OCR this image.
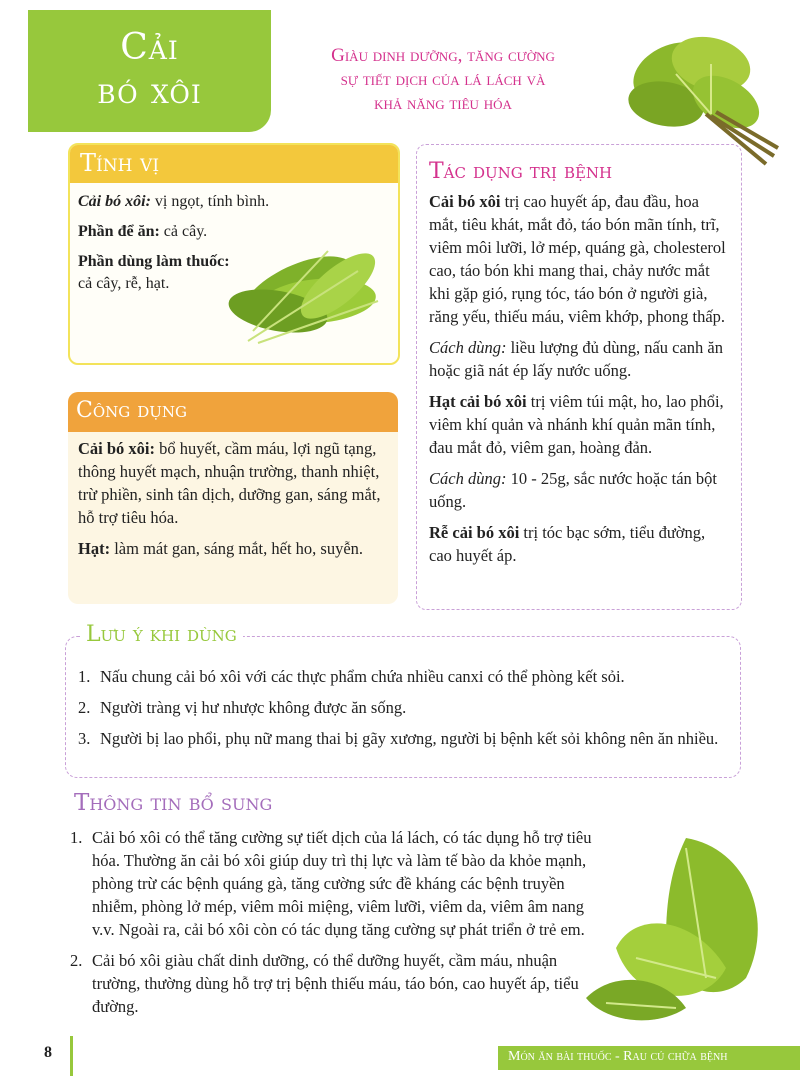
Cải
bó xôi
Giàu dinh dưỡng, tăng cường
sự tiết dịch của lá lách và
khả năng tiêu hóa
Tính vị

Cải bó xôi: vị ngọt, tính bình.

Phần để ăn: cả cây.

Phần dùng làm thuốc: cả cây, rễ, hạt.

Công dụng

Cải bó xôi: bổ huyết, cầm máu, lợi ngũ tạng, thông huyết mạch, nhuận trường, thanh nhiệt, trừ phiền, sinh tân dịch, dưỡng gan, sáng mắt, hỗ trợ tiêu hóa.

Hạt: làm mát gan, sáng mắt, hết ho, suyễn.

Tác dụng trị bệnh

Cải bó xôi trị cao huyết áp, đau đầu, hoa mắt, tiêu khát, mắt đỏ, táo bón mãn tính, trĩ, viêm môi lưỡi, lở mép, quáng gà, cholesterol cao, táo bón khi mang thai, chảy nước mắt khi gặp gió, rụng tóc, táo bón ở người già, răng yếu, thiếu máu, viêm khớp, phong thấp.

Cách dùng: liều lượng đủ dùng, nấu canh ăn hoặc giã nát ép lấy nước uống.

Hạt cải bó xôi trị viêm túi mật, ho, lao phổi, viêm khí quản và nhánh khí quản mãn tính, đau mắt đỏ, viêm gan, hoàng đản.

Cách dùng: 10 - 25g, sắc nước hoặc tán bột uống.

Rễ cải bó xôi trị tóc bạc sớm, tiểu đường, cao huyết áp.

1. Nấu chung cải bó xôi với các thực phẩm chứa nhiều canxi có thể phòng kết sỏi.
2. Người tràng vị hư nhược không được ăn sống.
3. Người bị lao phổi, phụ nữ mang thai bị gãy xương, người bị bệnh kết sỏi không nên ăn nhiều.
Lưu ý khi dùng
Thông tin bổ sung
1. Cải bó xôi có thể tăng cường sự tiết dịch của lá lách, có tác dụng hỗ trợ tiêu hóa. Thường ăn cải bó xôi giúp duy trì thị lực và làm tế bào da khỏe mạnh, phòng trừ các bệnh quáng gà, tăng cường sức đề kháng các bệnh truyền nhiễm, phòng lở mép, viêm môi miệng, viêm lưỡi, viêm da, viêm âm nang v.v. Ngoài ra, cải bó xôi còn có tác dụng tăng cường sự phát triển ở trẻ em.
2. Cải bó xôi giàu chất dinh dưỡng, có thể dưỡng huyết, cầm máu, nhuận trường, thường dùng hỗ trợ trị bệnh thiếu máu, táo bón, cao huyết áp, tiểu đường.
8	Món ăn bài thuốc - Rau củ chữa bệnh
